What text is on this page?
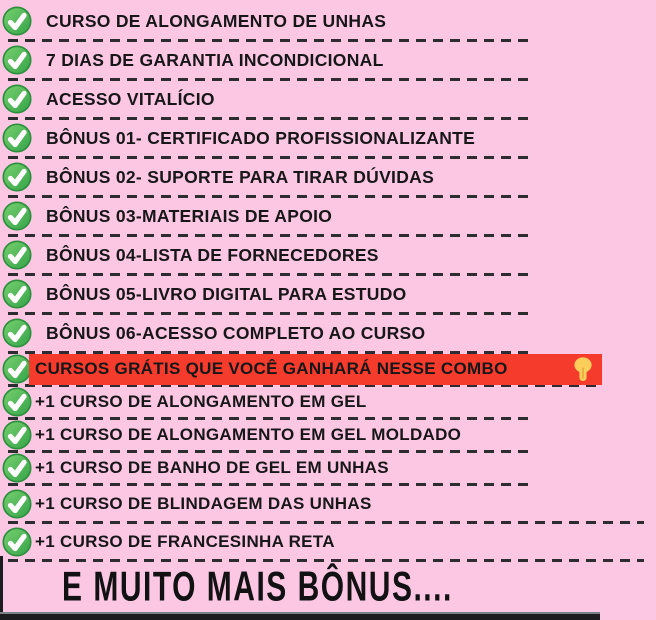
CURSO DE ALONGAMENTO DE UNHAS
7 DIAS DE GARANTIA INCONDICIONAL
ACESSO VITALÍCIO
BÔNUS 01- CERTIFICADO PROFISSIONALIZANTE
BÔNUS 02- SUPORTE PARA TIRAR DÚVIDAS
BÔNUS 03-MATERIAIS DE APOIO
BÔNUS 04-LISTA DE FORNECEDORES
BÔNUS 05-LIVRO DIGITAL PARA ESTUDO
BÔNUS 06-ACESSO COMPLETO AO CURSO
CURSOS GRÁTIS QUE VOCÊ GANHARÁ NESSE COMBO
+1 CURSO DE ALONGAMENTO EM GEL
+1 CURSO DE ALONGAMENTO EM GEL MOLDADO
+1 CURSO DE BANHO DE GEL EM UNHAS
+1 CURSO DE BLINDAGEM DAS UNHAS
+1 CURSO DE FRANCESINHA RETA
E MUITO MAIS BÔNUS....
